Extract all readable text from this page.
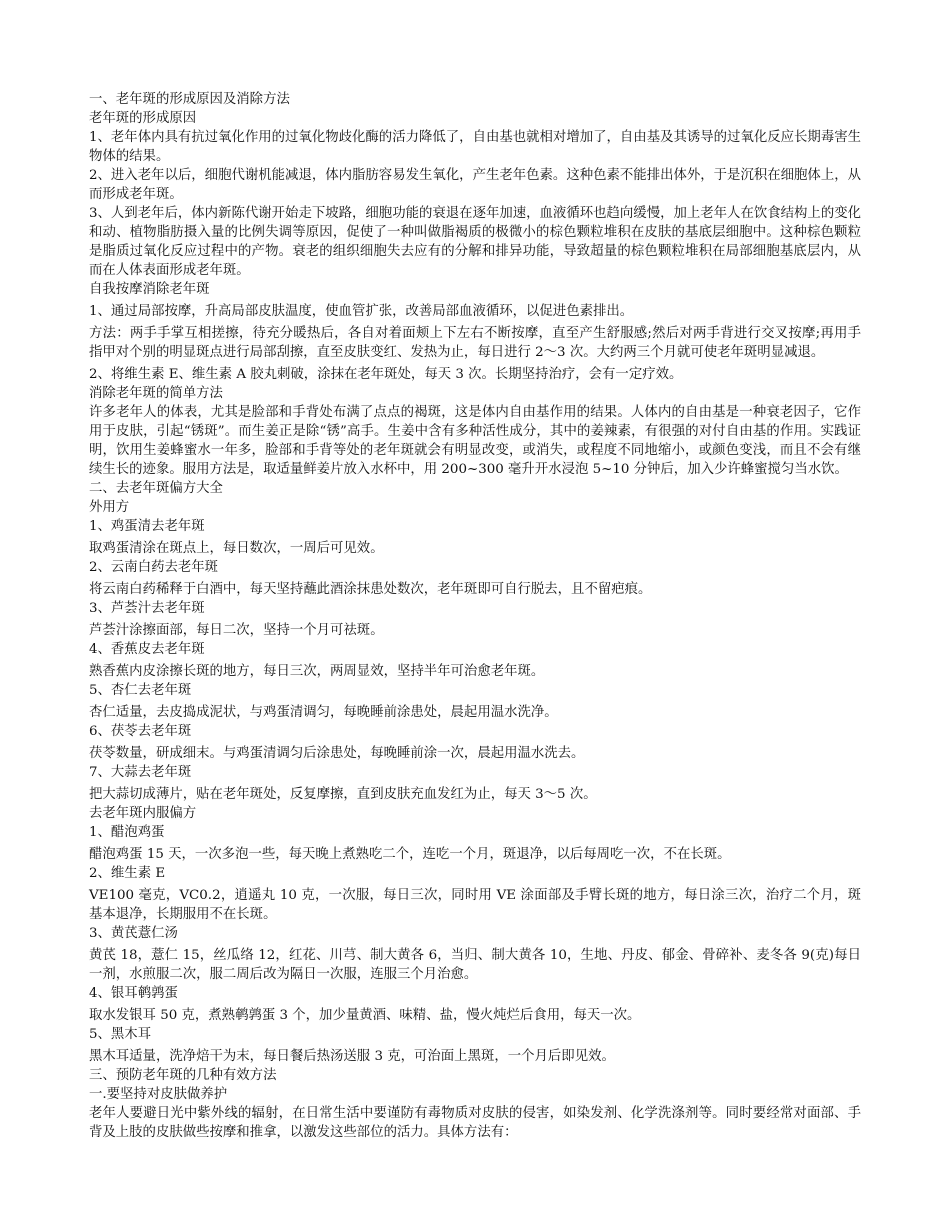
一、老年斑的形成原因及消除方法

老年斑的形成原因

1、老年体内具有抗过氧化作用的过氧化物歧化酶的活力降低了，自由基也就相对增加了，自由基及其诱导的过氧化反应长期毒害生物体的结果。

2、进入老年以后，细胞代谢机能减退，体内脂肪容易发生氧化，产生老年色素。这种色素不能排出体外，于是沉积在细胞体上，从而形成老年斑。

3、人到老年后，体内新陈代谢开始走下坡路，细胞功能的衰退在逐年加速，血液循环也趋向缓慢，加上老年人在饮食结构上的变化和动、植物脂肪摄入量的比例失调等原因，促使了一种叫做脂褐质的极微小的棕色颗粒堆积在皮肤的基底层细胞中。这种棕色颗粒是脂质过氧化反应过程中的产物。衰老的组织细胞失去应有的分解和排异功能，导致超量的棕色颗粒堆积在局部细胞基底层内，从而在人体表面形成老年斑。

自我按摩消除老年斑

1、通过局部按摩，升高局部皮肤温度，使血管扩张，改善局部血液循环，以促进色素排出。

方法：两手手掌互相搓擦，待充分暖热后，各自对着面颊上下左右不断按摩，直至产生舒服感;然后对两手背进行交叉按摩;再用手指甲对个别的明显斑点进行局部刮擦，直至皮肤变红、发热为止，每日进行 2～3 次。大约两三个月就可使老年斑明显减退。

2、将维生素 E、维生素 A 胶丸刺破，涂抹在老年斑处，每天 3 次。长期坚持治疗，会有一定疗效。

消除老年斑的简单方法

许多老年人的体表，尤其是脸部和手背处布满了点点的褐斑，这是体内自由基作用的结果。人体内的自由基是一种衰老因子，它作用于皮肤，引起“锈斑”。而生姜正是除“锈”高手。生姜中含有多种活性成分，其中的姜辣素，有很强的对付自由基的作用。实践证明，饮用生姜蜂蜜水一年多，脸部和手背等处的老年斑就会有明显改变，或消失，或程度不同地缩小，或颜色变浅，而且不会有继续生长的迹象。服用方法是，取适量鲜姜片放入水杯中，用 200~300 毫升开水浸泡 5~10 分钟后，加入少许蜂蜜搅匀当水饮。

二、去老年斑偏方大全

外用方

1、鸡蛋清去老年斑

取鸡蛋清涂在斑点上，每日数次，一周后可见效。

2、云南白药去老年斑

将云南白药稀释于白酒中，每天坚持蘸此酒涂抹患处数次，老年斑即可自行脱去，且不留疤痕。

3、芦荟汁去老年斑

芦荟汁涂擦面部，每日二次，坚持一个月可祛斑。

4、香蕉皮去老年斑

熟香蕉内皮涂擦长斑的地方，每日三次，两周显效，坚持半年可治愈老年斑。

5、杏仁去老年斑

杏仁适量，去皮捣成泥状，与鸡蛋清调匀，每晚睡前涂患处，晨起用温水洗净。

6、茯苓去老年斑

茯苓数量，研成细末。与鸡蛋清调匀后涂患处，每晚睡前涂一次，晨起用温水洗去。

7、大蒜去老年斑

把大蒜切成薄片，贴在老年斑处，反复摩擦，直到皮肤充血发红为止，每天 3～5 次。

去老年斑内服偏方

1、醋泡鸡蛋

醋泡鸡蛋 15 天，一次多泡一些，每天晚上煮熟吃二个，连吃一个月，斑退净，以后每周吃一次，不在长斑。

2、维生素 E

VE100 毫克，VC0.2，逍遥丸 10 克，一次服，每日三次，同时用 VE 涂面部及手臂长斑的地方，每日涂三次，治疗二个月，斑基本退净，长期服用不在长斑。

3、黄芪薏仁汤

黄芪 18，薏仁 15，丝瓜络 12，红花、川芎、制大黄各 6，当归、制大黄各 10，生地、丹皮、郁金、骨碎补、麦冬各 9(克)每日一剂，水煎服二次，服二周后改为隔日一次服，连服三个月治愈。

4、银耳鹌鹑蛋

取水发银耳 50 克，煮熟鹌鹑蛋 3 个，加少量黄酒、味精、盐，慢火炖烂后食用，每天一次。

5、黑木耳

黑木耳适量，洗净焙干为末，每日餐后热汤送服 3 克，可治面上黑斑，一个月后即见效。

三、预防老年斑的几种有效方法

一.要坚持对皮肤做养护

老年人要避日光中紫外线的辐射，在日常生活中要谨防有毒物质对皮肤的侵害，如染发剂、化学洗涤剂等。同时要经常对面部、手背及上肢的皮肤做些按摩和推拿，以激发这些部位的活力。具体方法有：
